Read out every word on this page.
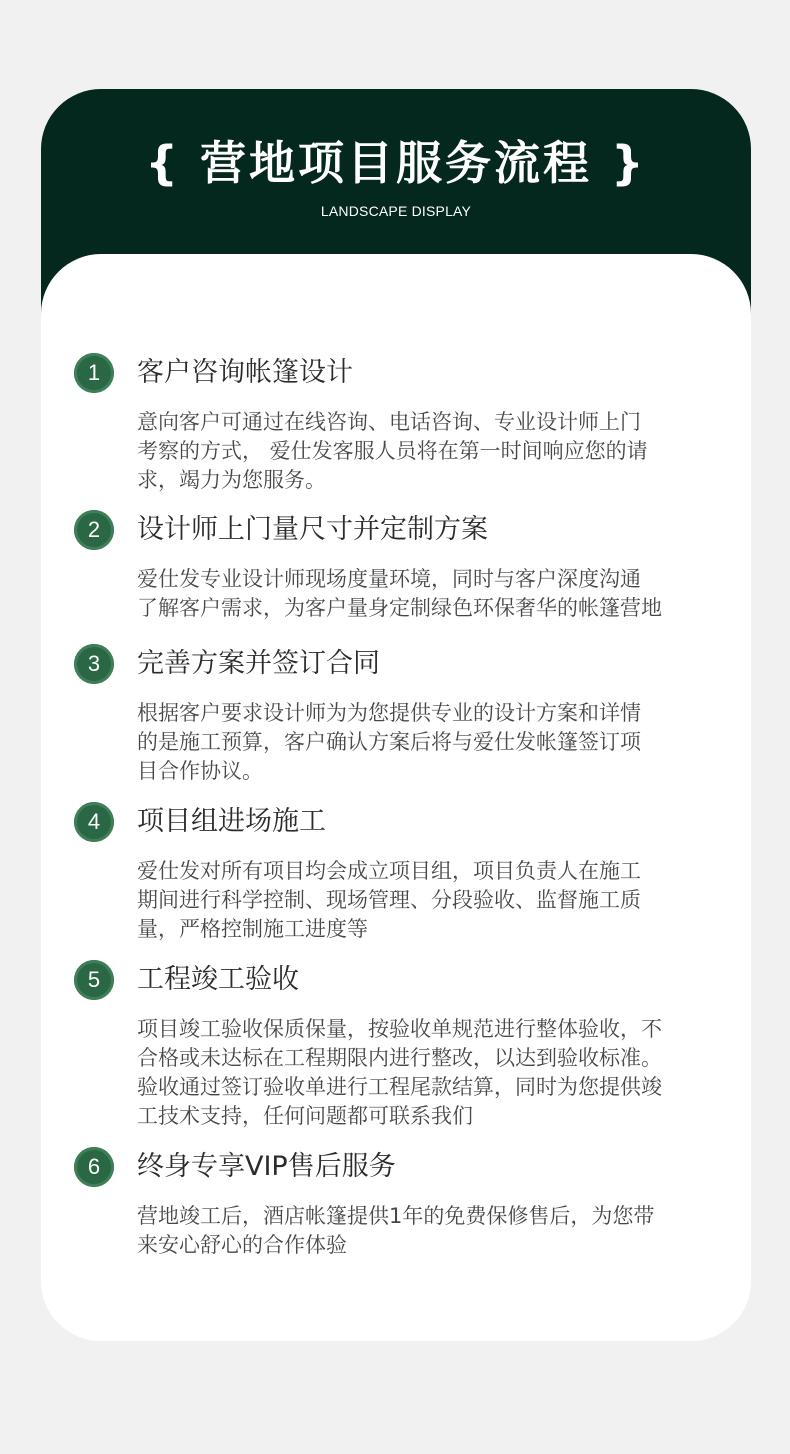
{ 营地项目服务流程 }
LANDSCAPE DISPLAY
1	客户咨询帐篷设计
意向客户可通过在线咨询、电话咨询、专业设计师上门
考察的方式， 爱仕发客服人员将在第一时间响应您的请
求，竭力为您服务。
2	设计师上门量尺寸并定制方案
爱仕发专业设计师现场度量环境，同时与客户深度沟通
了解客户需求，为客户量身定制绿色环保奢华的帐篷营地
3	完善方案并签订合同
根据客户要求设计师为为您提供专业的设计方案和详情
的是施工预算，客户确认方案后将与爱仕发帐篷签订项
目合作协议。
4	项目组进场施工
爱仕发对所有项目均会成立项目组，项目负责人在施工
期间进行科学控制、现场管理、分段验收、监督施工质
量，严格控制施工进度等
5	工程竣工验收
项目竣工验收保质保量，按验收单规范进行整体验收，不
合格或未达标在工程期限内进行整改，以达到验收标准。
验收通过签订验收单进行工程尾款结算，同时为您提供竣
工技术支持，任何问题都可联系我们
6	终身专享VIP售后服务
营地竣工后，酒店帐篷提供1年的免费保修售后，为您带
来安心舒心的合作体验
